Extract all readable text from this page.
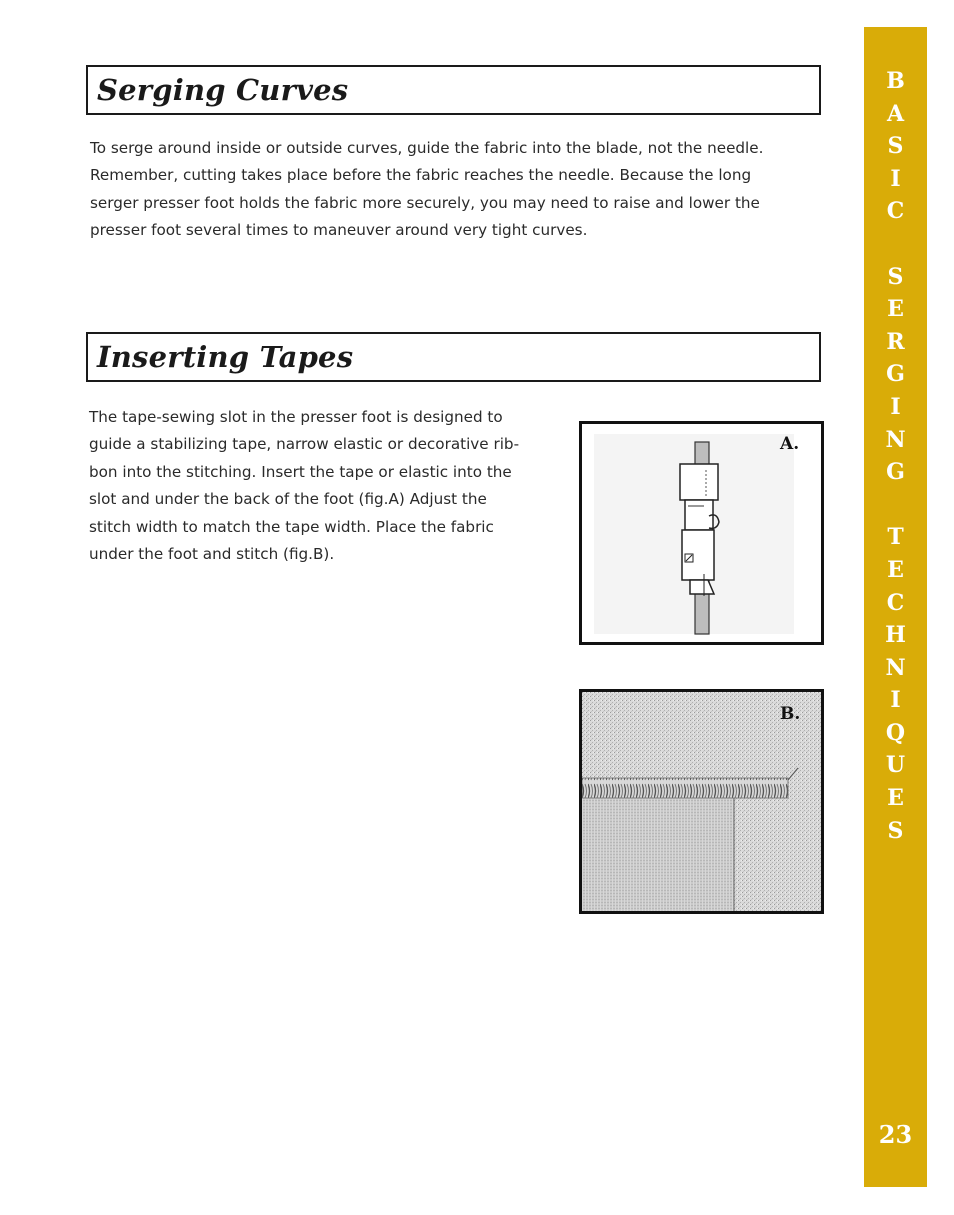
Serging Curves
To serge around inside or outside curves, guide the fabric into the blade, not the needle.
Remember, cutting takes place before the fabric reaches the needle. Because the long
serger presser foot holds the fabric more securely, you may need to raise and lower the
presser foot several times to maneuver around very tight curves.
Inserting Tapes
The tape-sewing slot in the presser foot is designed to
guide a stabilizing tape, narrow elastic or decorative rib-
bon into the stitching. Insert the tape or elastic into the
slot and under the back of the foot (fig.A) Adjust the
stitch width to match the tape width. Place the fabric
under the foot and stitch (fig.B).
A.
B.
B
A
S
I
C
S
E
R
G
I
N
G
T
E
C
H
N
I
Q
U
E
S
23
